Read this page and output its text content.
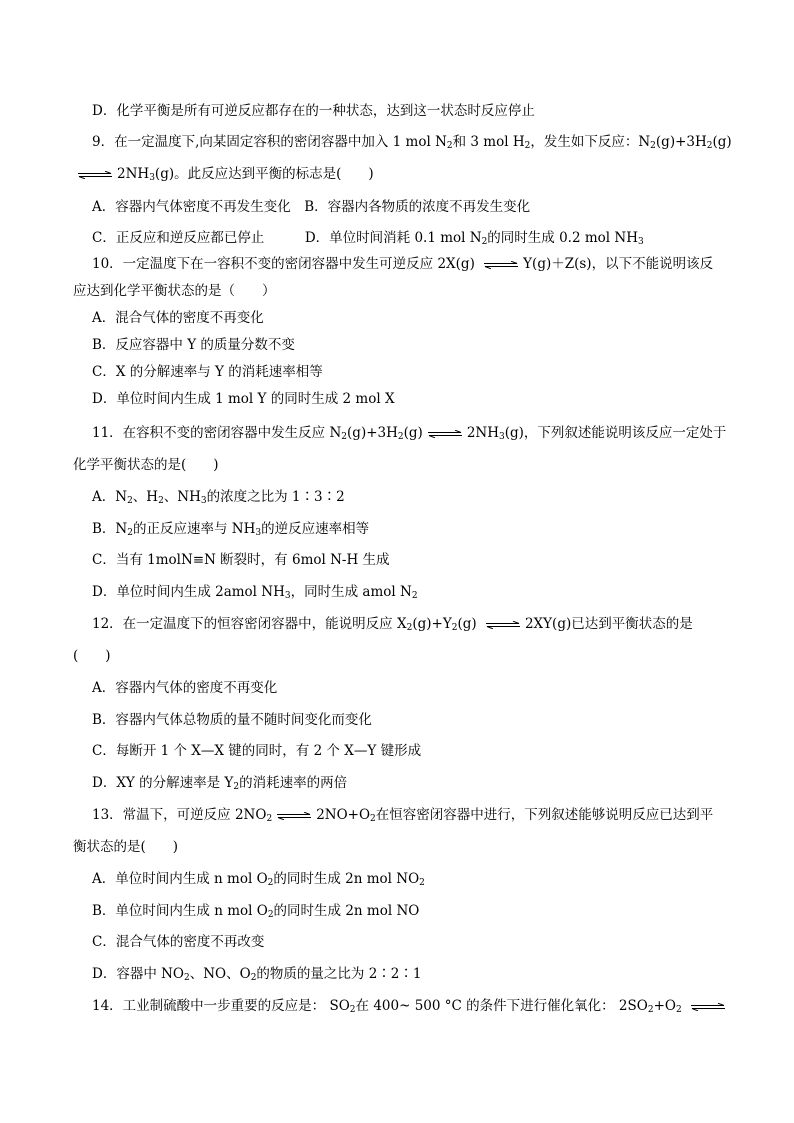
D．化学平衡是所有可逆反应都存在的一种状态，达到这一状态时反应停止
9．在一定温度下,向某固定容积的密闭容器中加入 1 mol $N_2$和 3 mol $H_2$，发生如下反应：$N_2(g)+3H_2(g)$
⇌ $2NH_3(g)$。此反应达到平衡的标志是(　　)
A．容器内气体密度不再发生变化　B．容器内各物质的浓度不再发生变化
C．正反应和逆反应都已停止　　　D．单位时间消耗 0.1 mol $N_2$的同时生成 0.2 mol $NH_3$
10．一定温度下在一容积不变的密闭容器中发生可逆反应 2X(g) ⇌ Y(g)＋Z(s)，以下不能说明该反
应达到化学平衡状态的是（　　）
A．混合气体的密度不再变化
B．反应容器中 Y 的质量分数不变
C．X 的分解速率与 Y 的消耗速率相等
D．单位时间内生成 1 mol Y 的同时生成 2 mol X
11．在容积不变的密闭容器中发生反应 $N_2(g)+3H_2(g)$ ⇌ $2NH_3(g)$，下列叙述能说明该反应一定处于
化学平衡状态的是(　　)
A．$N_2$、$H_2$、$NH_3$的浓度之比为 1∶3∶2
B．$N_2$的正反应速率与 $NH_3$的逆反应速率相等
C．当有 1molN≡N 断裂时，有 6mol N-H 生成
D．单位时间内生成 2amol $NH_3$，同时生成 amol $N_2$
12．在一定温度下的恒容密闭容器中，能说明反应 $X_2(g)+Y_2(g)$ ⇌ 2XY(g)已达到平衡状态的是
(　　)
A．容器内气体的密度不再变化
B．容器内气体总物质的量不随时间变化而变化
C．每断开 1 个 X—X 键的同时，有 2 个 X—Y 键形成
D．XY 的分解速率是 $Y_2$的消耗速率的两倍
13．常温下，可逆反应 $2NO_2$ ⇌ $2NO+O_2$在恒容密闭容器中进行，下列叙述能够说明反应已达到平
衡状态的是(　　)
A．单位时间内生成 n mol $O_2$的同时生成 2n mol $NO_2$
B．单位时间内生成 n mol $O_2$的同时生成 2n mol NO
C．混合气体的密度不再改变
D．容器中 $NO_2$、NO、$O_2$的物质的量之比为 2∶2∶1
14．工业制硫酸中一步重要的反应是： $SO_2$在 400~ 500 °C 的条件下进行催化氧化： $2SO_2+O_2$ ⇌
